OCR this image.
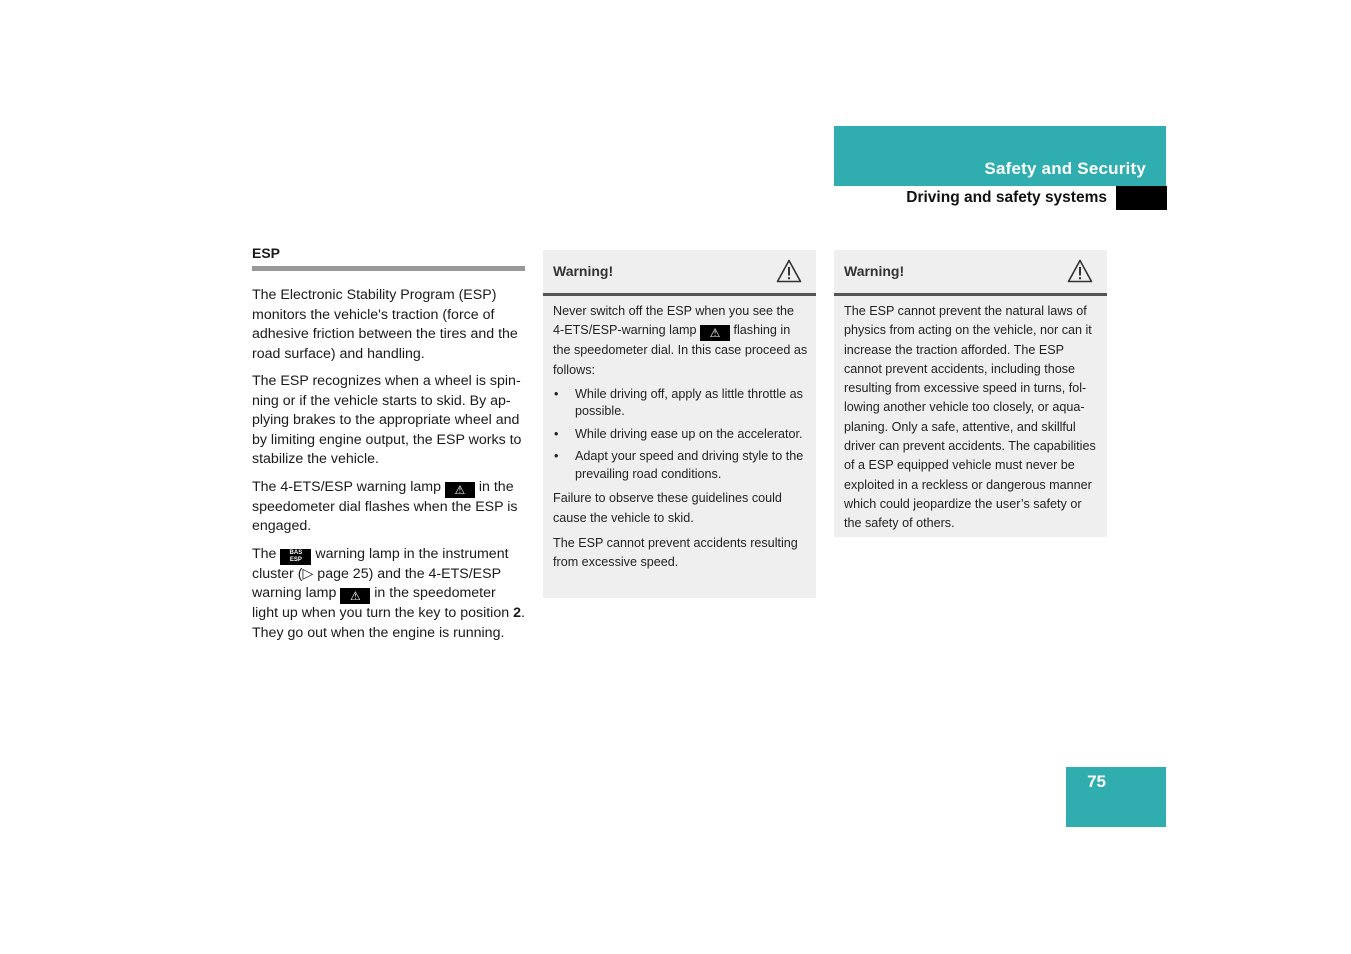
Safety and Security
Driving and safety systems
ESP

The Electronic Stability Program (ESP) monitors the vehicle's traction (force of adhesive friction between the tires and the road surface) and handling.

The ESP recognizes when a wheel is spinning or if the vehicle starts to skid. By applying brakes to the appropriate wheel and by limiting engine output, the ESP works to stabilize the vehicle.

The 4-ETS/ESP warning lamp ⚠ in the speedometer dial flashes when the ESP is engaged.

The	BAS
ESP warning lamp in the instrument cluster (▷ page 25) and the 4-ETS/ESP warning lamp ⚠ in the speedometer light up when you turn the key to position 2. They go out when the engine is running.

Warning!

Never switch off the ESP when you see the 4-ETS/ESP-warning lamp ⚠ flashing in the speedometer dial. In this case proceed as follows:

• While driving off, apply as little throttle as possible.
• While driving ease up on the accelerator.
• Adapt your speed and driving style to the prevailing road conditions.

Failure to observe these guidelines could cause the vehicle to skid.

The ESP cannot prevent accidents resulting from excessive speed.

Warning!

The ESP cannot prevent the natural laws of physics from acting on the vehicle, nor can it increase the traction afforded. The ESP cannot prevent accidents, including those resulting from excessive speed in turns, following another vehicle too closely, or aquaplaning. Only a safe, attentive, and skillful driver can prevent accidents. The capabilities of a ESP equipped vehicle must never be exploited in a reckless or dangerous manner which could jeopardize the user’s safety or the safety of others.

75
